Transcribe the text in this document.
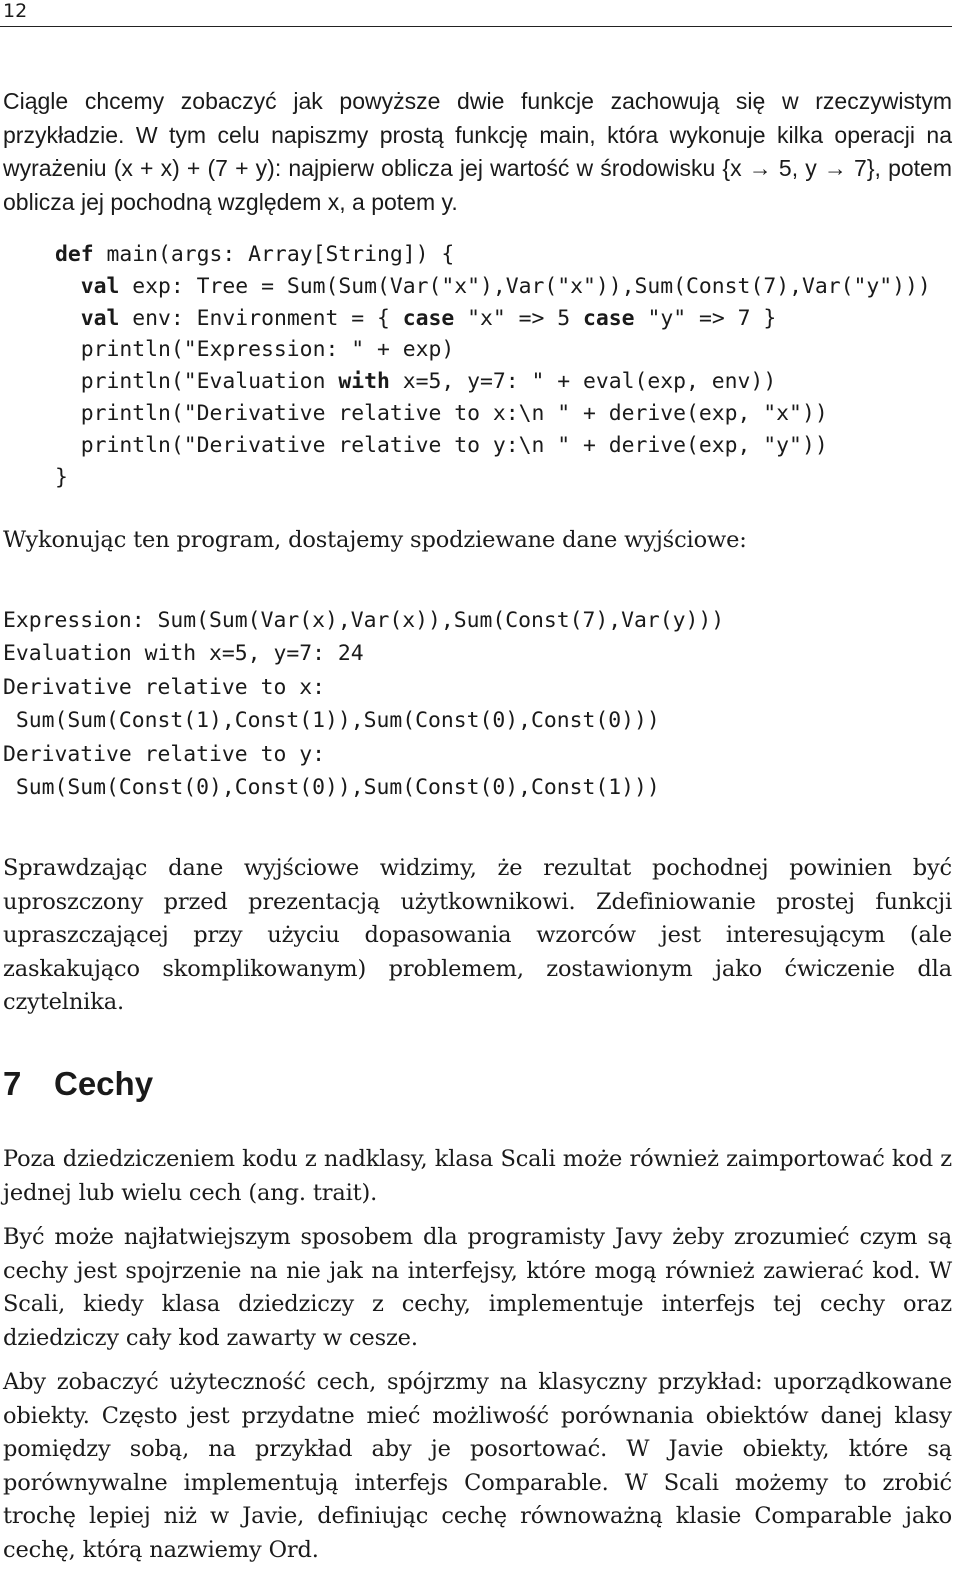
12

Ciągle chcemy zobaczyć jak powyższe dwie funkcje zachowują się w rzeczywistym przykładzie. W tym celu napiszmy prostą funkcję main, która wykonuje kilka operacji na wyrażeniu (x + x) + (7 + y): najpierw oblicza jej wartość w środowisku {x → 5, y → 7}, potem oblicza jej pochodną względem x, a potem y.

def main(args: Array[String]) {
val exp: Tree = Sum(Sum(Var("x"),Var("x")),Sum(Const(7),Var("y")))
val env: Environment = { case "x" => 5 case "y" => 7 }
println("Expression: " + exp)
println("Evaluation with x=5, y=7: " + eval(exp, env))
println("Derivative relative to x:\n " + derive(exp, "x"))
println("Derivative relative to y:\n " + derive(exp, "y"))
}

Wykonując ten program, dostajemy spodziewane dane wyjściowe:

Expression: Sum(Sum(Var(x),Var(x)),Sum(Const(7),Var(y)))
Evaluation with x=5, y=7: 24
Derivative relative to x:
Sum(Sum(Const(1),Const(1)),Sum(Const(0),Const(0)))
Derivative relative to y:
Sum(Sum(Const(0),Const(0)),Sum(Const(0),Const(1)))

Sprawdzając dane wyjściowe widzimy, że rezultat pochodnej powinien być uproszczony przed prezentacją użytkownikowi. Zdefiniowanie prostej funkcji upraszczającej przy użyciu dopasowania wzorców jest interesującym (ale zaskakująco skomplikowanym) problemem, zostawionym jako ćwiczenie dla czytelnika.

7 Cechy

Poza dziedziczeniem kodu z nadklasy, klasa Scali może również zaimportować kod z jednej lub wielu cech (ang. trait).

Być może najłatwiejszym sposobem dla programisty Javy żeby zrozumieć czym są cechy jest spojrzenie na nie jak na interfejsy, które mogą również zawierać kod. W Scali, kiedy klasa dziedziczy z cechy, implementuje interfejs tej cechy oraz dziedziczy cały kod zawarty w cesze.

Aby zobaczyć użyteczność cech, spójrzmy na klasyczny przykład: uporządkowane obiekty. Często jest przydatne mieć możliwość porównania obiektów danej klasy pomiędzy sobą, na przykład aby je posortować. W Javie obiekty, które są porównywalne implementują interfejs Comparable. W Scali możemy to zrobić trochę lepiej niż w Javie, definiując cechę równoważną klasie Comparable jako cechę, którą nazwiemy Ord.
